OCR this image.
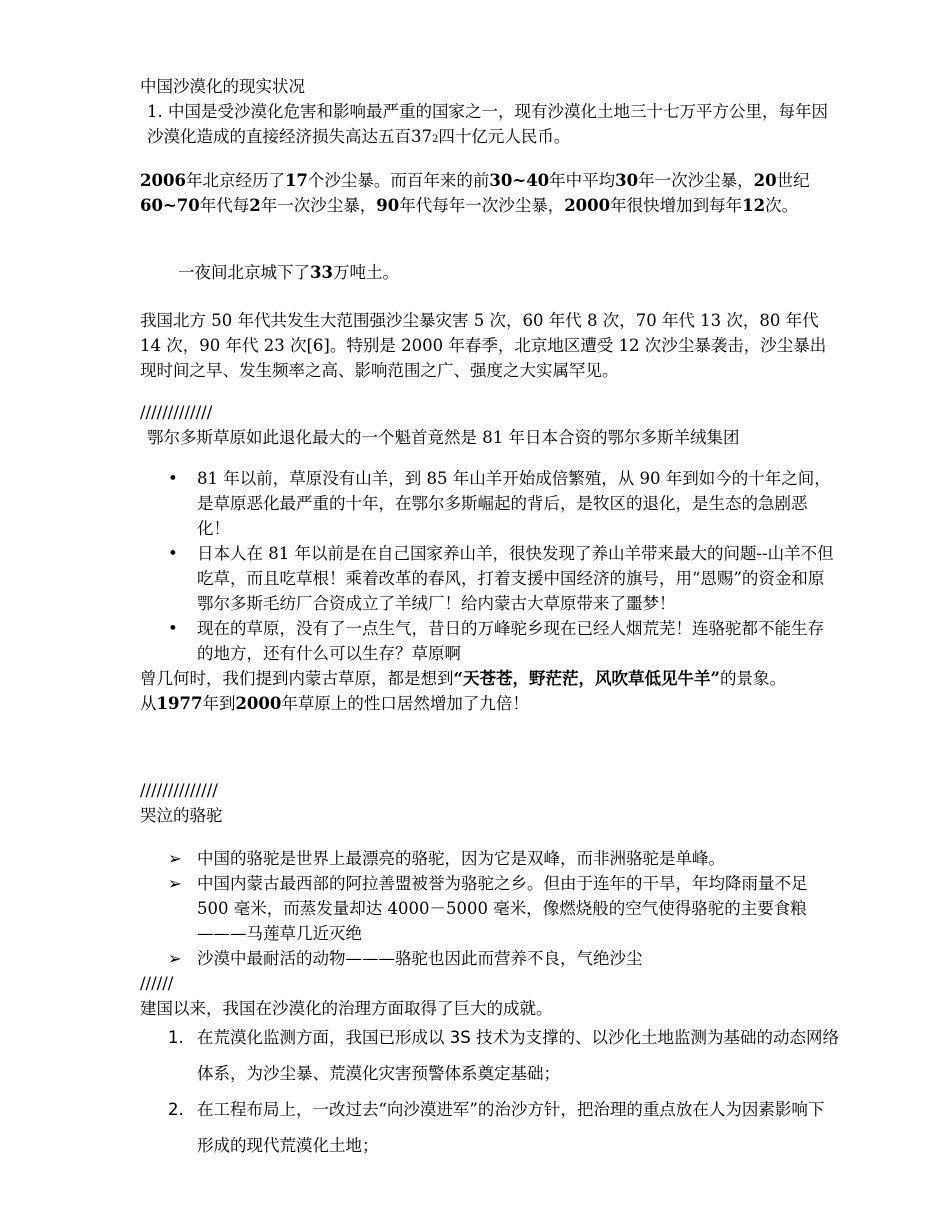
中国沙漠化的现实状况

1. 中国是受沙漠化危害和影响最严重的国家之一，现有沙漠化土地三十七万平方公里，每年因沙漠化造成的直接经济损失高达五百372四十亿元人民币。

2006年北京经历了17个沙尘暴。而百年来的前30~40年中平均30年一次沙尘暴，20世纪60~70年代每2年一次沙尘暴，90年代每年一次沙尘暴，2000年很快增加到每年12次。

一夜间北京城下了33万吨土。

我国北方 50 年代共发生大范围强沙尘暴灾害 5 次，60 年代 8 次，70 年代 13 次，80 年代 14 次，90 年代 23 次[6]。特别是 2000 年春季，北京地区遭受 12 次沙尘暴袭击，沙尘暴出现时间之早、发生频率之高、影响范围之广、强度之大实属罕见。

/////////////

鄂尔多斯草原如此退化最大的一个魁首竟然是 81 年日本合资的鄂尔多斯羊绒集团

• 81 年以前，草原没有山羊，到 85 年山羊开始成倍繁殖，从 90 年到如今的十年之间，是草原恶化最严重的十年，在鄂尔多斯崛起的背后，是牧区的退化，是生态的急剧恶化！
• 日本人在 81 年以前是在自己国家养山羊，很快发现了养山羊带来最大的问题--山羊不但吃草，而且吃草根！乘着改革的春风，打着支援中国经济的旗号，用“恩赐”的资金和原鄂尔多斯毛纺厂合资成立了羊绒厂！给内蒙古大草原带来了噩梦！
• 现在的草原，没有了一点生气，昔日的万峰驼乡现在已经人烟荒芜！连骆驼都不能生存的地方，还有什么可以生存？草原啊

曾几何时，我们提到内蒙古草原，都是想到“天苍苍，野茫茫，风吹草低见牛羊”的景象。

从1977年到2000年草原上的性口居然增加了九倍！

//////////////

哭泣的骆驼

➢ 中国的骆驼是世界上最漂亮的骆驼，因为它是双峰，而非洲骆驼是单峰。
➢ 中国内蒙古最西部的阿拉善盟被誉为骆驼之乡。但由于连年的干旱，年均降雨量不足 500 毫米，而蒸发量却达 4000－5000 毫米，像燃烧般的空气使得骆驼的主要食粮———马莲草几近灭绝
➢ 沙漠中最耐活的动物———骆驼也因此而营养不良，气绝沙尘

//////

建国以来，我国在沙漠化的治理方面取得了巨大的成就。

1. 在荒漠化监测方面，我国已形成以 3S 技术为支撑的、以沙化土地监测为基础的动态网络体系，为沙尘暴、荒漠化灾害预警体系奠定基础；
2. 在工程布局上，一改过去“向沙漠进军”的治沙方针，把治理的重点放在人为因素影响下形成的现代荒漠化土地；
